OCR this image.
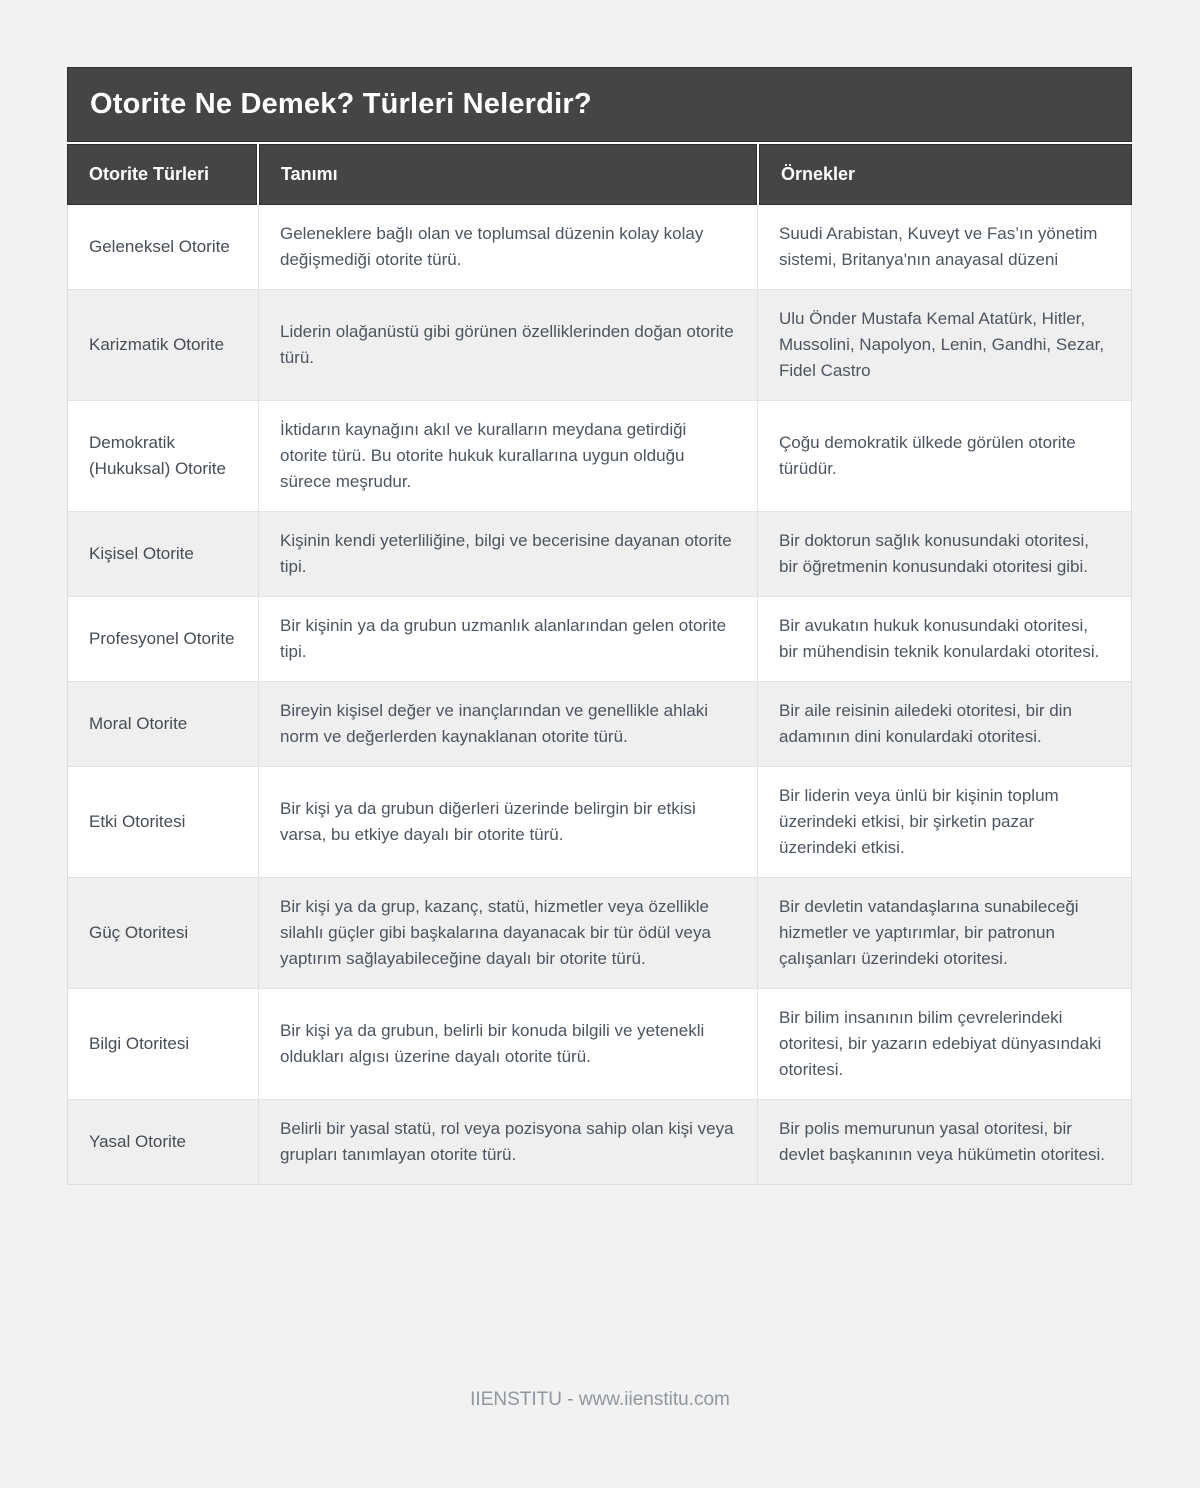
Otorite Ne Demek? Türleri Nelerdir?
Otorite Türleri	Tanımı	Örnekler
Geleneksel Otorite
Geleneklere bağlı olan ve toplumsal düzenin kolay kolay değişmediği otorite türü.
Suudi Arabistan, Kuveyt ve Fas’ın yönetim sistemi, Britanya'nın anayasal düzeni
Karizmatik Otorite
Liderin olağanüstü gibi görünen özelliklerinden doğan otorite türü.
Ulu Önder Mustafa Kemal Atatürk, Hitler, Mussolini, Napolyon, Lenin, Gandhi, Sezar, Fidel Castro
Demokratik (Hukuksal) Otorite
İktidarın kaynağını akıl ve kuralların meydana getirdiği otorite türü. Bu otorite hukuk kurallarına uygun olduğu sürece meşrudur.
Çoğu demokratik ülkede görülen otorite türüdür.
Kişisel Otorite
Kişinin kendi yeterliliğine, bilgi ve becerisine dayanan otorite tipi.
Bir doktorun sağlık konusundaki otoritesi, bir öğretmenin konusundaki otoritesi gibi.
Profesyonel Otorite
Bir kişinin ya da grubun uzmanlık alanlarından gelen otorite tipi.
Bir avukatın hukuk konusundaki otoritesi, bir mühendisin teknik konulardaki otoritesi.
Moral Otorite
Bireyin kişisel değer ve inançlarından ve genellikle ahlaki norm ve değerlerden kaynaklanan otorite türü.
Bir aile reisinin ailedeki otoritesi, bir din adamının dini konulardaki otoritesi.
Etki Otoritesi
Bir kişi ya da grubun diğerleri üzerinde belirgin bir etkisi varsa, bu etkiye dayalı bir otorite türü.
Bir liderin veya ünlü bir kişinin toplum üzerindeki etkisi, bir şirketin pazar üzerindeki etkisi.
Güç Otoritesi
Bir kişi ya da grup, kazanç, statü, hizmetler veya özellikle silahlı güçler gibi başkalarına dayanacak bir tür ödül veya yaptırım sağlayabileceğine dayalı bir otorite türü.
Bir devletin vatandaşlarına sunabileceği hizmetler ve yaptırımlar, bir patronun çalışanları üzerindeki otoritesi.
Bilgi Otoritesi
Bir kişi ya da grubun, belirli bir konuda bilgili ve yetenekli oldukları algısı üzerine dayalı otorite türü.
Bir bilim insanının bilim çevrelerindeki otoritesi, bir yazarın edebiyat dünyasındaki otoritesi.
Yasal Otorite
Belirli bir yasal statü, rol veya pozisyona sahip olan kişi veya grupları tanımlayan otorite türü.
Bir polis memurunun yasal otoritesi, bir devlet başkanının veya hükümetin otoritesi.
IIENSTITU - www.iienstitu.com
